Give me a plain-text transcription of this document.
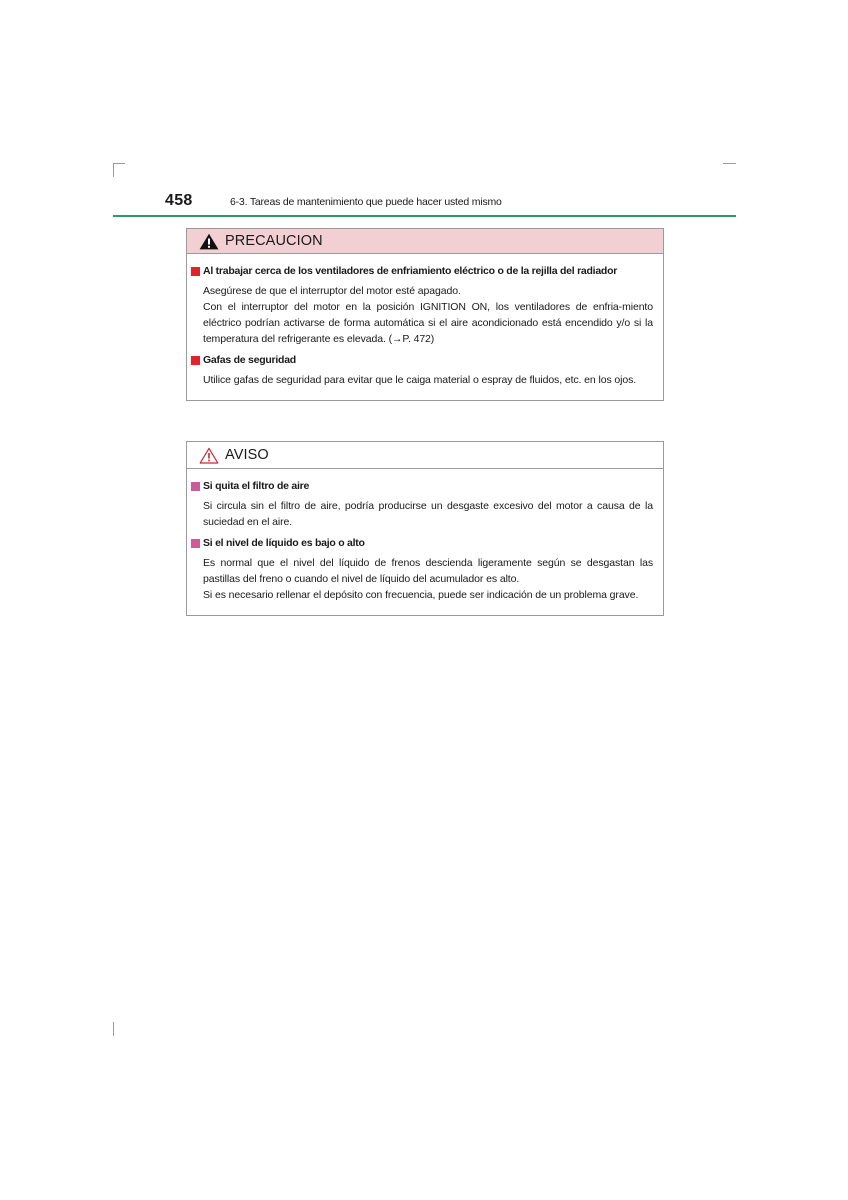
458	6-3. Tareas de mantenimiento que puede hacer usted mismo
PRECAUCION
Al trabajar cerca de los ventiladores de enfriamiento eléctrico o de la rejilla del radiador

Asegúrese de que el interruptor del motor esté apagado.

Con el interruptor del motor en la posición IGNITION ON, los ventiladores de enfria-miento eléctrico podrían activarse de forma automática si el aire acondicionado está encendido y/o si la temperatura del refrigerante es elevada. (→P. 472)

Gafas de seguridad

Utilice gafas de seguridad para evitar que le caiga material o espray de fluidos, etc. en los ojos.

AVISO
Si quita el filtro de aire

Si circula sin el filtro de aire, podría producirse un desgaste excesivo del motor a causa de la suciedad en el aire.

Si el nivel de líquido es bajo o alto

Es normal que el nivel del líquido de frenos descienda ligeramente según se desgastan las pastillas del freno o cuando el nivel de líquido del acumulador es alto.

Si es necesario rellenar el depósito con frecuencia, puede ser indicación de un problema grave.
